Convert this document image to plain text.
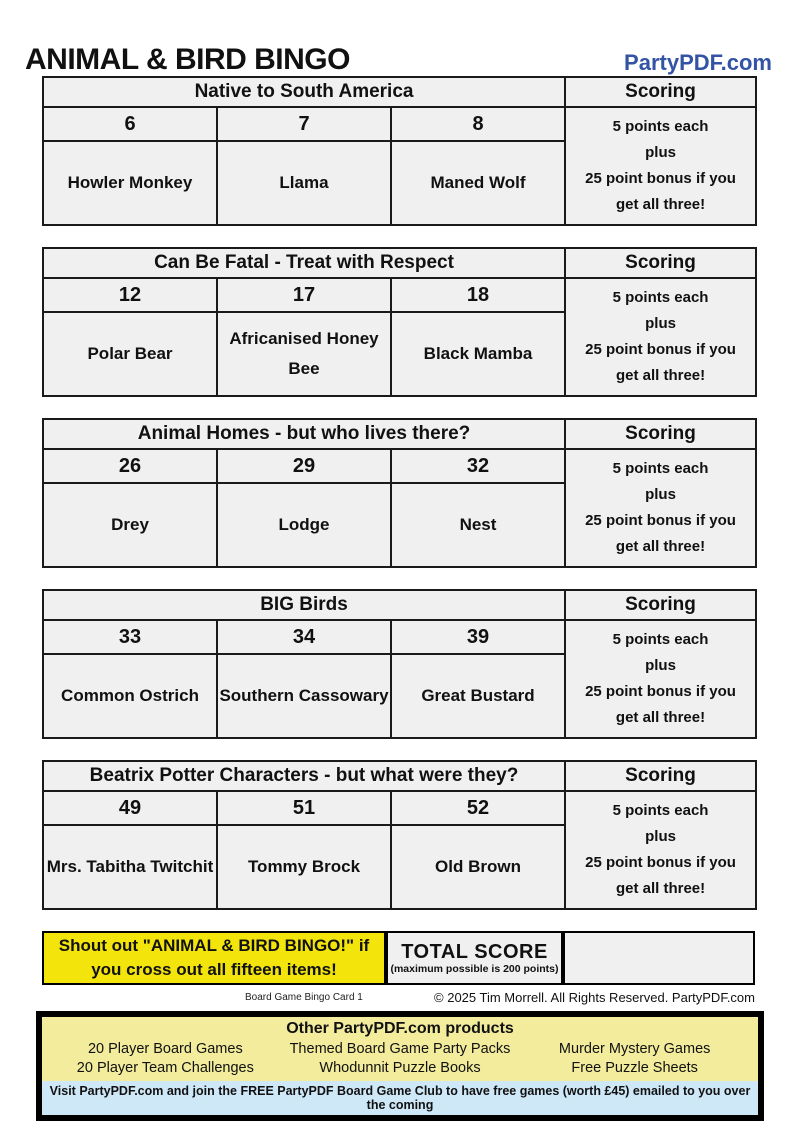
ANIMAL & BIRD BINGO	PartyPDF.com
Native to South America			Scoring
6	7	8	5 points each
plus
25 point bonus if you
get all three!

Howler Monkey	Llama	Maned Wolf	
Can Be Fatal - Treat with Respect			Scoring
12	17	18	5 points each
plus
25 point bonus if you
get all three!

Polar Bear	Africanised Honey Bee	Black Mamba	
Animal Homes - but who lives there?			Scoring
26	29	32	5 points each
plus
25 point bonus if you
get all three!

Drey	Lodge	Nest	
BIG Birds			Scoring
33	34	39	5 points each
plus
25 point bonus if you
get all three!

Common Ostrich	Southern Cassowary	Great Bustard	
Beatrix Potter Characters - but what were they?			Scoring
49	51	52	5 points each
plus
25 point bonus if you
get all three!

Mrs. Tabitha Twitchit	Tommy Brock	Old Brown	
Shout out "ANIMAL & BIRD BINGO!" if
you cross out all fifteen items!
TOTAL SCORE
(maximum possible is 200 points)
Board Game Bingo Card 1	© 2025 Tim Morrell. All Rights Reserved. PartyPDF.com
Other PartyPDF.com products
20 Player Board Games	Themed Board Game Party Packs	Murder Mystery Games
20 Player Team Challenges	Whodunnit Puzzle Books	Free Puzzle Sheets
Visit PartyPDF.com and join the FREE PartyPDF Board Game Club to have free games (worth £45) emailed to you over the coming
